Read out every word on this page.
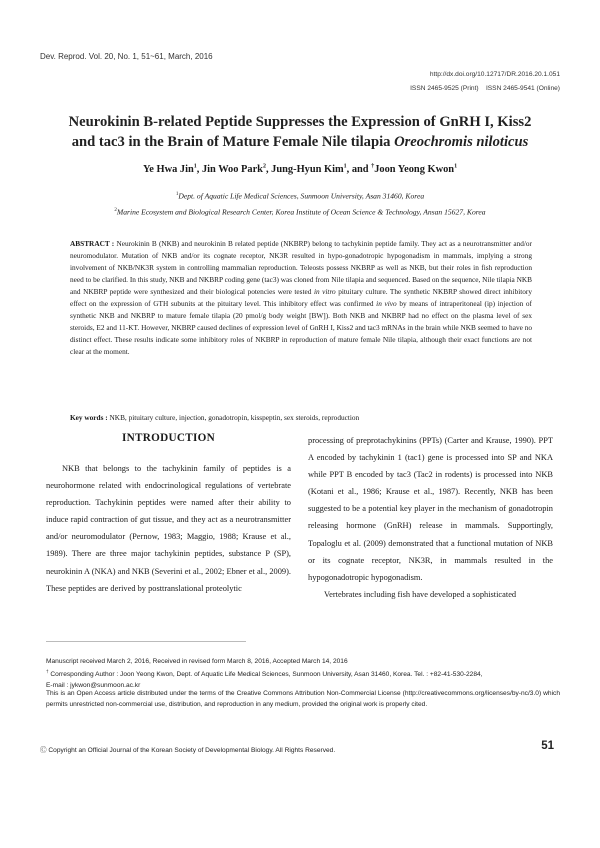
Dev. Reprod. Vol. 20, No. 1, 51~61, March, 2016
http://dx.doi.org/10.12717/DR.2016.20.1.051
ISSN 2465-9525 (Print)    ISSN 2465-9541 (Online)
Neurokinin B-related Peptide Suppresses the Expression of GnRH I, Kiss2
and tac3 in the Brain of Mature Female Nile tilapia Oreochromis niloticus
Ye Hwa Jin$^1$, Jin Woo Park$^2$, Jung-Hyun Kim$^1$, and †Joon Yeong Kwon$^1$
$^1$Dept. of Aquatic Life Medical Sciences, Sunmoon University, Asan 31460, Korea
$^2$Marine Ecosystem and Biological Research Center, Korea Institute of Ocean Science & Technology, Ansan 15627, Korea
ABSTRACT : Neurokinin B (NKB) and neurokinin B related peptide (NKBRP) belong to tachykinin peptide family. They act as a neurotransmitter and/or neuromodulator. Mutation of NKB and/or its cognate receptor, NK3R resulted in hypo-gonadotropic hypogonadism in mammals, implying a strong involvement of NKB/NK3R system in controlling mammalian reproduction. Teleosts possess NKBRP as well as NKB, but their roles in fish reproduction need to be clarified. In this study, NKB and NKBRP coding gene (tac3) was cloned from Nile tilapia and sequenced. Based on the sequence, Nile tilapia NKB and NKBRP peptide were synthesized and their biological potencies were tested in vitro pituitary culture. The synthetic NKBRP showed direct inhibitory effect on the expression of GTH subunits at the pituitary level. This inhibitory effect was confirmed in vivo by means of intraperitoneal (ip) injection of synthetic NKB and NKBRP to mature female tilapia (20 pmol/g body weight [BW]). Both NKB and NKBRP had no effect on the plasma level of sex steroids, E2 and 11-KT. However, NKBRP caused declines of expression level of GnRH I, Kiss2 and tac3 mRNAs in the brain while NKB seemed to have no distinct effect. These results indicate some inhibitory roles of NKBRP in reproduction of mature female Nile tilapia, although their exact functions are not clear at the moment.
Key words : NKB, pituitary culture, injection, gonadotropin, kisspeptin, sex steroids, reproduction
INTRODUCTION
NKB that belongs to the tachykinin family of peptides is a neurohormone related with endocrinological regulations of vertebrate reproduction. Tachykinin peptides were named after their ability to induce rapid contraction of gut tissue, and they act as a neurotransmitter and/or neuromodulator (Pernow, 1983; Maggio, 1988; Krause et al., 1989). There are three major tachykinin peptides, substance P (SP), neurokinin A (NKA) and NKB (Severini et al., 2002; Ebner et al., 2009). These peptides are derived by posttranslational proteolytic
processing of preprotachykinins (PPTs) (Carter and Krause, 1990). PPT A encoded by tachykinin 1 (tac1) gene is processed into SP and NKA while PPT B encoded by tac3 (Tac2 in rodents) is processed into NKB (Kotani et al., 1986; Krause et al., 1987). Recently, NKB has been suggested to be a potential key player in the mechanism of gonadotropin releasing hormone (GnRH) release in mammals. Supportingly, Topaloglu et al. (2009) demonstrated that a functional mutation of NKB or its cognate receptor, NK3R, in mammals resulted in the hypogonadotropic hypogonadism.
Vertebrates including fish have developed a sophisticated
Manuscript received March 2, 2016, Received in revised form March 8, 2016, Accepted March 14, 2016
† Corresponding Author : Joon Yeong Kwon, Dept. of Aquatic Life Medical Sciences, Sunmoon University, Asan 31460, Korea. Tel. : +82-41-530-2284,
E-mail : jykwon@sunmoon.ac.kr
This is an Open Access article distributed under the terms of the Creative Commons Attribution Non-Commercial License (http://creativecommons.org/licenses/by-nc/3.0) which permits unrestricted non-commercial use, distribution, and reproduction in any medium, provided the original work is properly cited.
Ⓒ Copyright an Official Journal of the Korean Society of Developmental Biology. All Rights Reserved.	51
